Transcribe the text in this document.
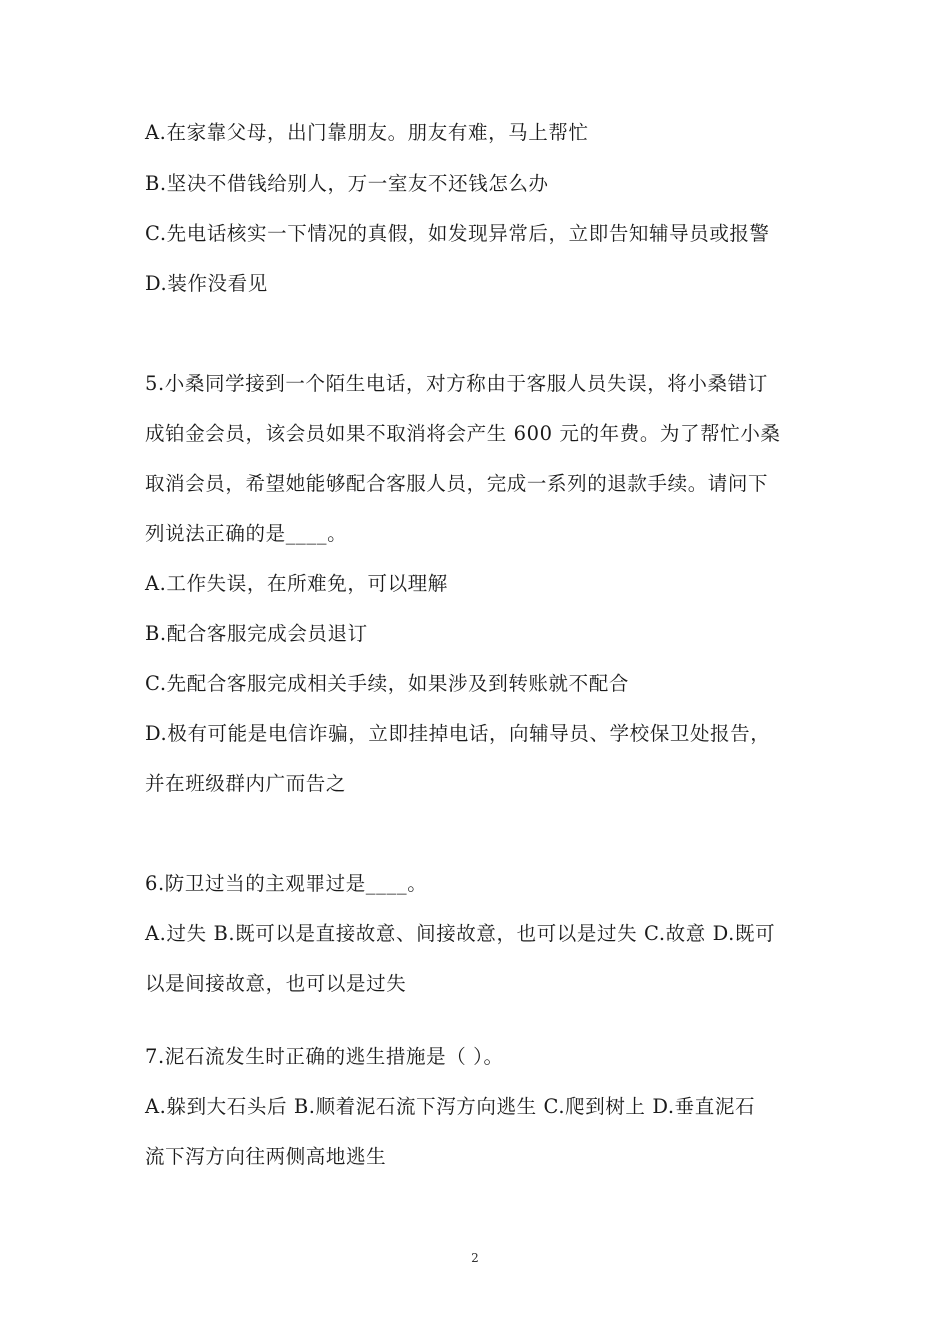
A.在家靠父母，出门靠朋友。朋友有难，马上帮忙
B.坚决不借钱给别人，万一室友不还钱怎么办
C.先电话核实一下情况的真假，如发现异常后，立即告知辅导员或报警
D.装作没看见
5.小桑同学接到一个陌生电话，对方称由于客服人员失误，将小桑错订
成铂金会员，该会员如果不取消将会产生 600 元的年费。为了帮忙小桑
取消会员，希望她能够配合客服人员，完成一系列的退款手续。请问下
列说法正确的是____。
A.工作失误，在所难免，可以理解
B.配合客服完成会员退订
C.先配合客服完成相关手续，如果涉及到转账就不配合
D.极有可能是电信诈骗，立即挂掉电话，向辅导员、学校保卫处报告，
并在班级群内广而告之
6.防卫过当的主观罪过是____。
A.过失 B.既可以是直接故意、间接故意，也可以是过失 C.故意 D.既可
以是间接故意，也可以是过失
7.泥石流发生时正确的逃生措施是（ ）。
A.躲到大石头后 B.顺着泥石流下泻方向逃生 C.爬到树上 D.垂直泥石
流下泻方向往两侧高地逃生
2
